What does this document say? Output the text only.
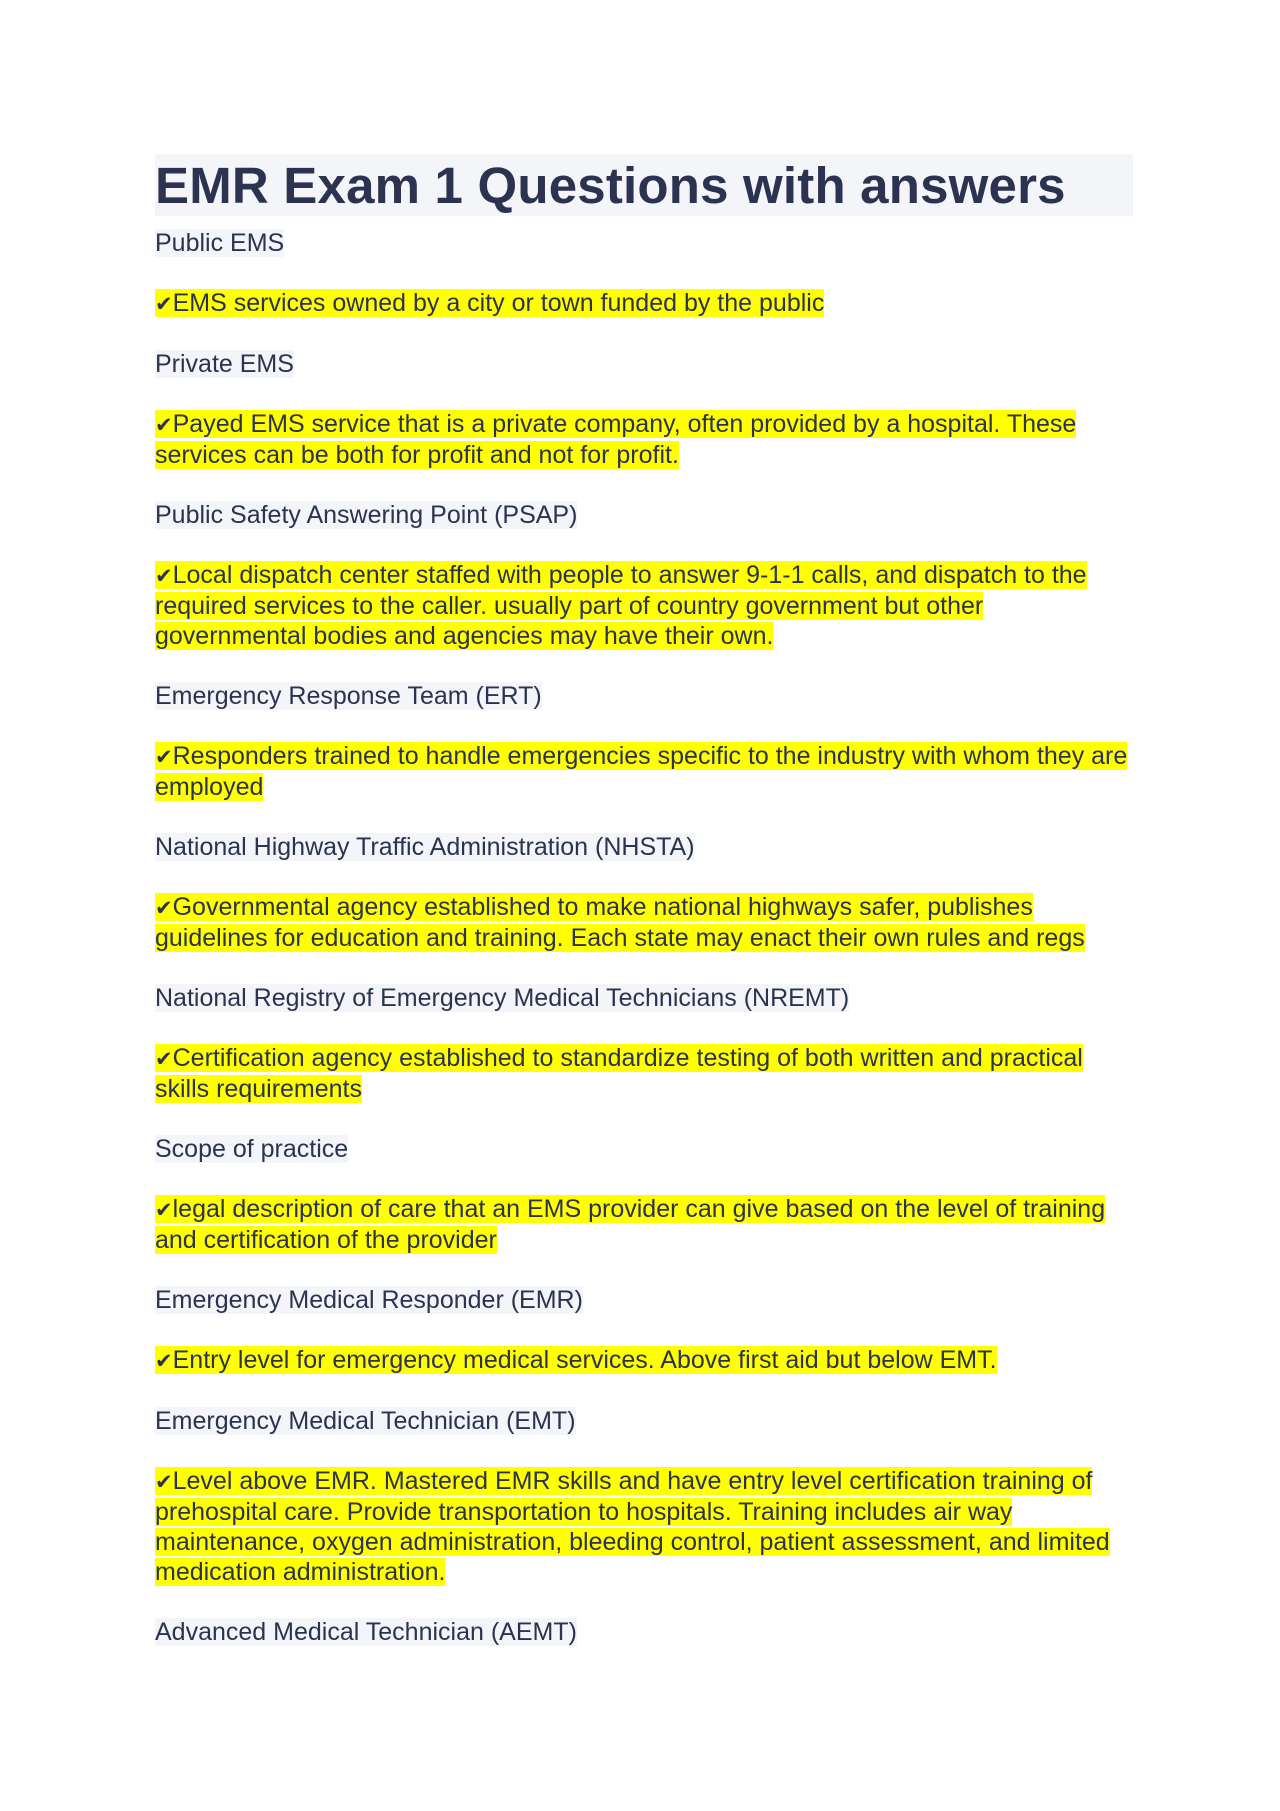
EMR Exam 1 Questions with answers

Public EMS

✔EMS services owned by a city or town funded by the public

Private EMS

✔Payed EMS service that is a private company, often provided by a hospital. These services can be both for profit and not for profit.

Public Safety Answering Point (PSAP)

✔Local dispatch center staffed with people to answer 9-1-1 calls, and dispatch to the required services to the caller. usually part of country government but other governmental bodies and agencies may have their own.

Emergency Response Team (ERT)

✔Responders trained to handle emergencies specific to the industry with whom they are employed

National Highway Traffic Administration (NHSTA)

✔Governmental agency established to make national highways safer, publishes guidelines for education and training. Each state may enact their own rules and regs

National Registry of Emergency Medical Technicians (NREMT)

✔Certification agency established to standardize testing of both written and practical skills requirements

Scope of practice

✔legal description of care that an EMS provider can give based on the level of training and certification of the provider

Emergency Medical Responder (EMR)

✔Entry level for emergency medical services. Above first aid but below EMT.

Emergency Medical Technician (EMT)

✔Level above EMR. Mastered EMR skills and have entry level certification training of prehospital care. Provide transportation to hospitals. Training includes air way maintenance, oxygen administration, bleeding control, patient assessment, and limited medication administration.

Advanced Medical Technician (AEMT)
